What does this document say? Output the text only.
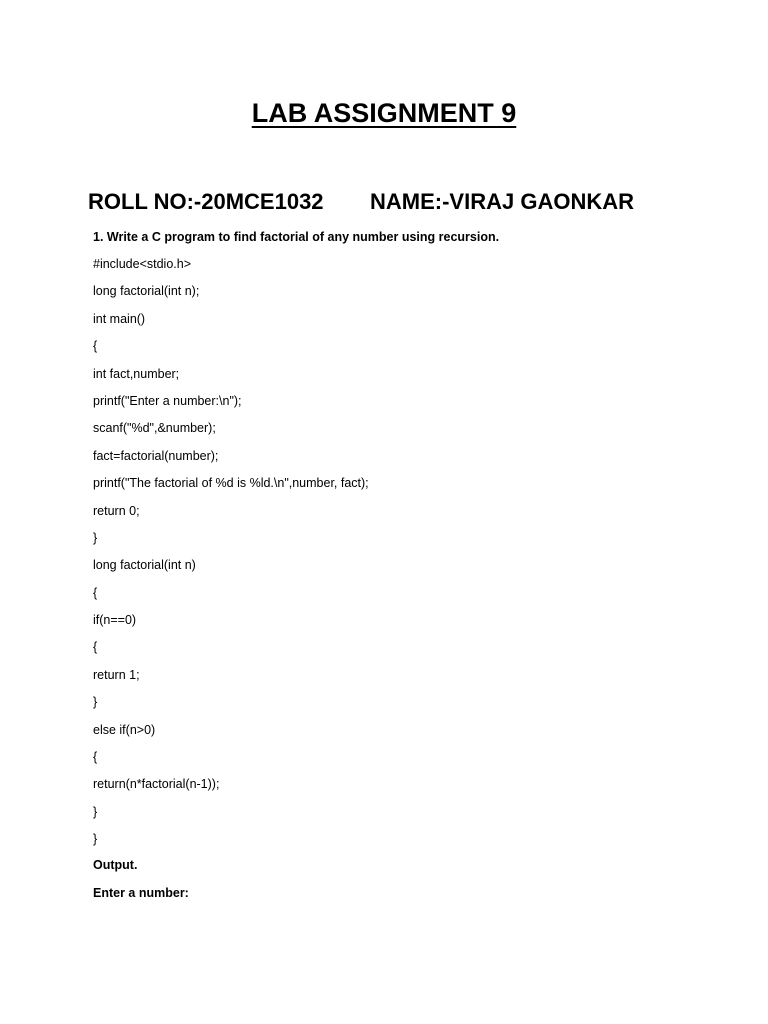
LAB ASSIGNMENT 9
ROLL NO:-20MCE1032 NAME:-VIRAJ GAONKAR
1. Write a C program to find factorial of any number using recursion.
#include<stdio.h>
long factorial(int n);
int main()
{
int fact,number;
printf("Enter a number:\n");
scanf("%d",&number);
fact=factorial(number);
printf("The factorial of %d is %ld.\n",number, fact);
return 0;
}
long factorial(int n)
{
if(n==0)
{
return 1;
}
else if(n>0)
{
return(n*factorial(n-1));
}
}
Output.
Enter a number:
